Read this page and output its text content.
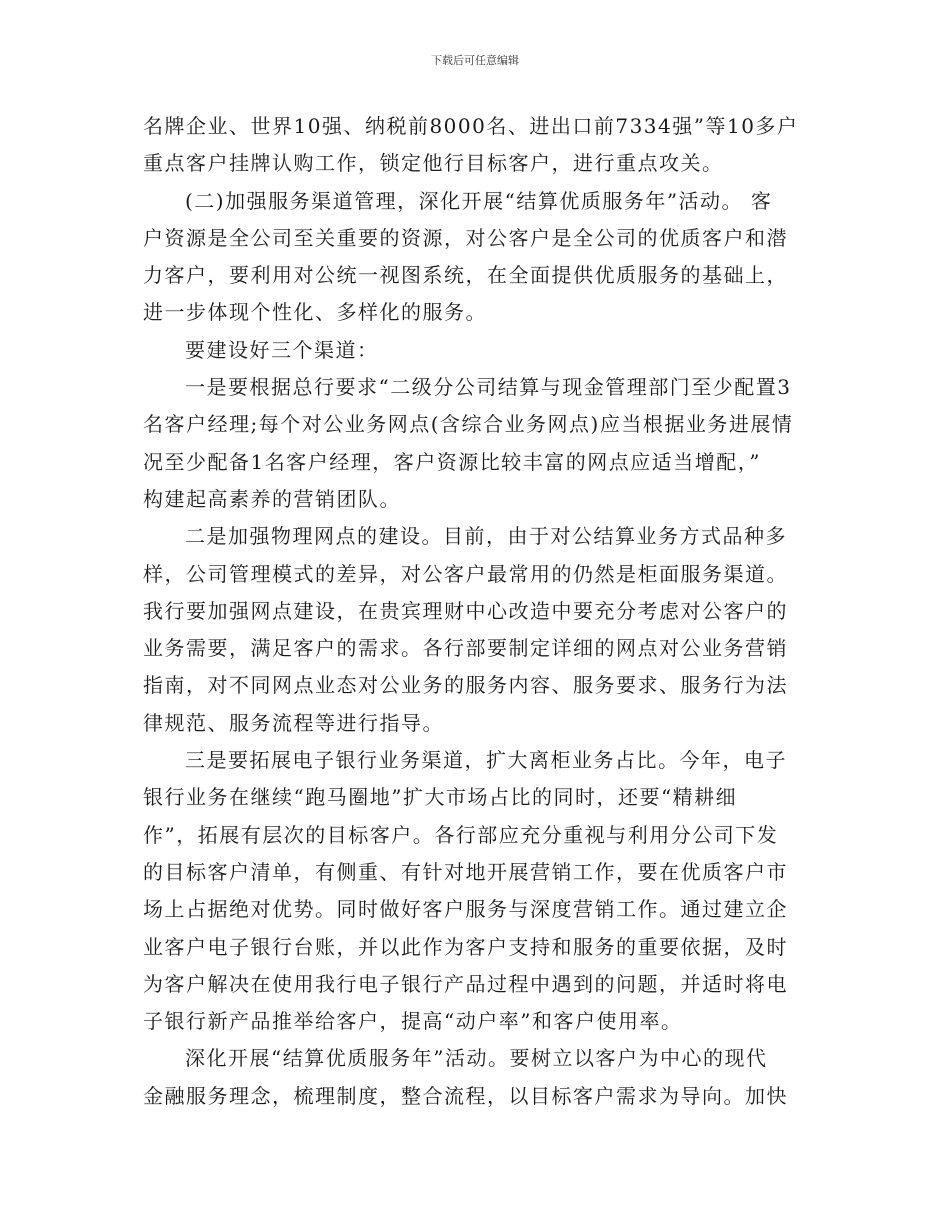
下载后可任意编辑
名牌企业、世界10强、纳税前8000名、进出口前7334强”等10多户
重点客户挂牌认购工作，锁定他行目标客户，进行重点攻关。
(二)加强服务渠道管理，深化开展“结算优质服务年”活动。 客
户资源是全公司至关重要的资源，对公客户是全公司的优质客户和潜
力客户，要利用对公统一视图系统，在全面提供优质服务的基础上，
进一步体现个性化、多样化的服务。
要建设好三个渠道：
一是要根据总行要求“二级分公司结算与现金管理部门至少配置3
名客户经理;每个对公业务网点(含综合业务网点)应当根据业务进展情
况至少配备1名客户经理，客户资源比较丰富的网点应适当增配，”
构建起高素养的营销团队。
二是加强物理网点的建设。目前，由于对公结算业务方式品种多
样，公司管理模式的差异，对公客户最常用的仍然是柜面服务渠道。
我行要加强网点建设，在贵宾理财中心改造中要充分考虑对公客户的
业务需要，满足客户的需求。各行部要制定详细的网点对公业务营销
指南，对不同网点业态对公业务的服务内容、服务要求、服务行为法
律规范、服务流程等进行指导。
三是要拓展电子银行业务渠道，扩大离柜业务占比。今年，电子
银行业务在继续“跑马圈地”扩大市场占比的同时，还要“精耕细
作”，拓展有层次的目标客户。各行部应充分重视与利用分公司下发
的目标客户清单，有侧重、有针对地开展营销工作，要在优质客户市
场上占据绝对优势。同时做好客户服务与深度营销工作。通过建立企
业客户电子银行台账，并以此作为客户支持和服务的重要依据，及时
为客户解决在使用我行电子银行产品过程中遇到的问题，并适时将电
子银行新产品推举给客户，提高“动户率”和客户使用率。
深化开展“结算优质服务年”活动。要树立以客户为中心的现代
金融服务理念，梳理制度，整合流程，以目标客户需求为导向。加快
